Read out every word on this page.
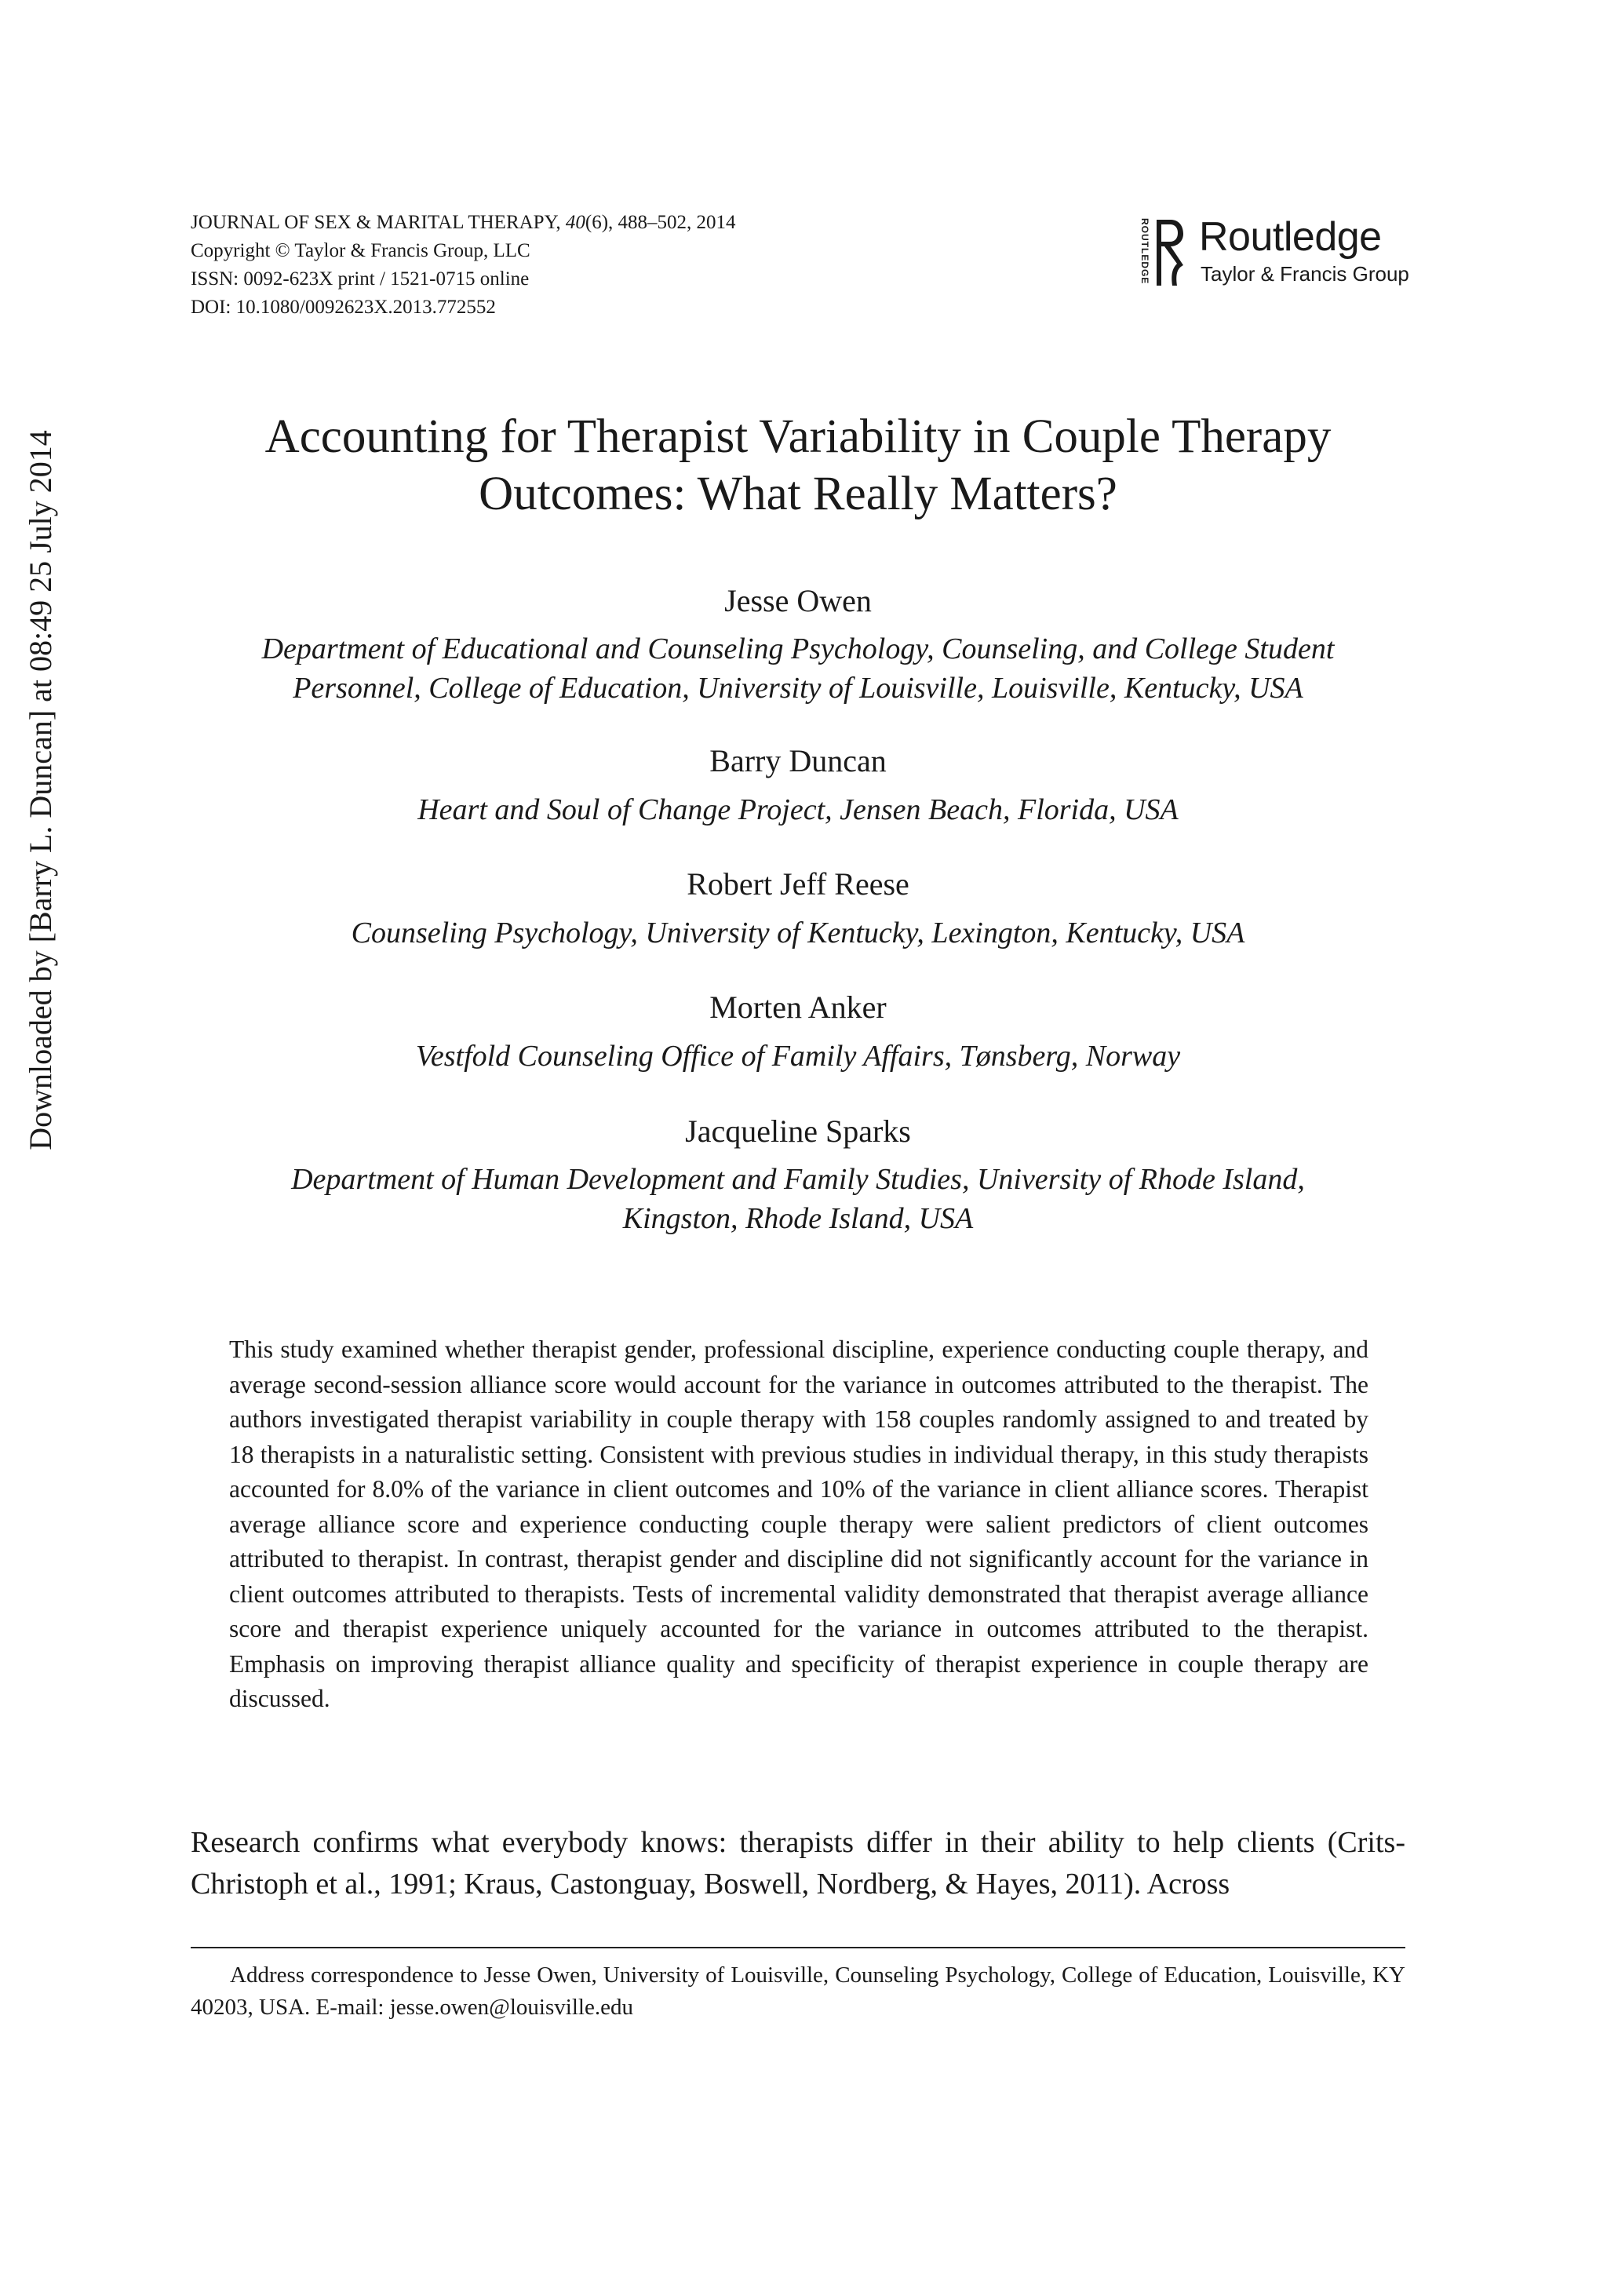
Downloaded by [Barry L. Duncan] at 08:49 25 July 2014
JOURNAL OF SEX & MARITAL THERAPY, 40(6), 488–502, 2014
Copyright © Taylor & Francis Group, LLC
ISSN: 0092-623X print / 1521-0715 online
DOI: 10.1080/0092623X.2013.772552
ROUTLEDGE Routledge
Taylor & Francis Group
Accounting for Therapist Variability in Couple Therapy
Outcomes: What Really Matters?
Jesse Owen
Department of Educational and Counseling Psychology, Counseling, and College Student
Personnel, College of Education, University of Louisville, Louisville, Kentucky, USA
Barry Duncan
Heart and Soul of Change Project, Jensen Beach, Florida, USA
Robert Jeff Reese
Counseling Psychology, University of Kentucky, Lexington, Kentucky, USA
Morten Anker
Vestfold Counseling Office of Family Affairs, Tønsberg, Norway
Jacqueline Sparks
Department of Human Development and Family Studies, University of Rhode Island,
Kingston, Rhode Island, USA
This study examined whether therapist gender, professional discipline, experience conducting couple therapy, and average second-session alliance score would account for the variance in outcomes attributed to the therapist. The authors investigated therapist variability in couple therapy with 158 couples randomly assigned to and treated by 18 therapists in a naturalistic setting. Consistent with previous studies in individual therapy, in this study therapists accounted for 8.0% of the variance in client outcomes and 10% of the variance in client alliance scores. Therapist average alliance score and experience conducting couple therapy were salient predictors of client outcomes attributed to therapist. In contrast, therapist gender and discipline did not significantly account for the variance in client outcomes attributed to therapists. Tests of incremental validity demonstrated that therapist average alliance score and therapist experience uniquely accounted for the variance in outcomes attributed to the therapist. Emphasis on improving therapist alliance quality and specificity of therapist experience in couple therapy are discussed.
Research confirms what everybody knows: therapists differ in their ability to help clients (Crits-Christoph et al., 1991; Kraus, Castonguay, Boswell, Nordberg, & Hayes, 2011). Across
Address correspondence to Jesse Owen, University of Louisville, Counseling Psychology, College of Education, Louisville, KY 40203, USA. E-mail: jesse.owen@louisville.edu
